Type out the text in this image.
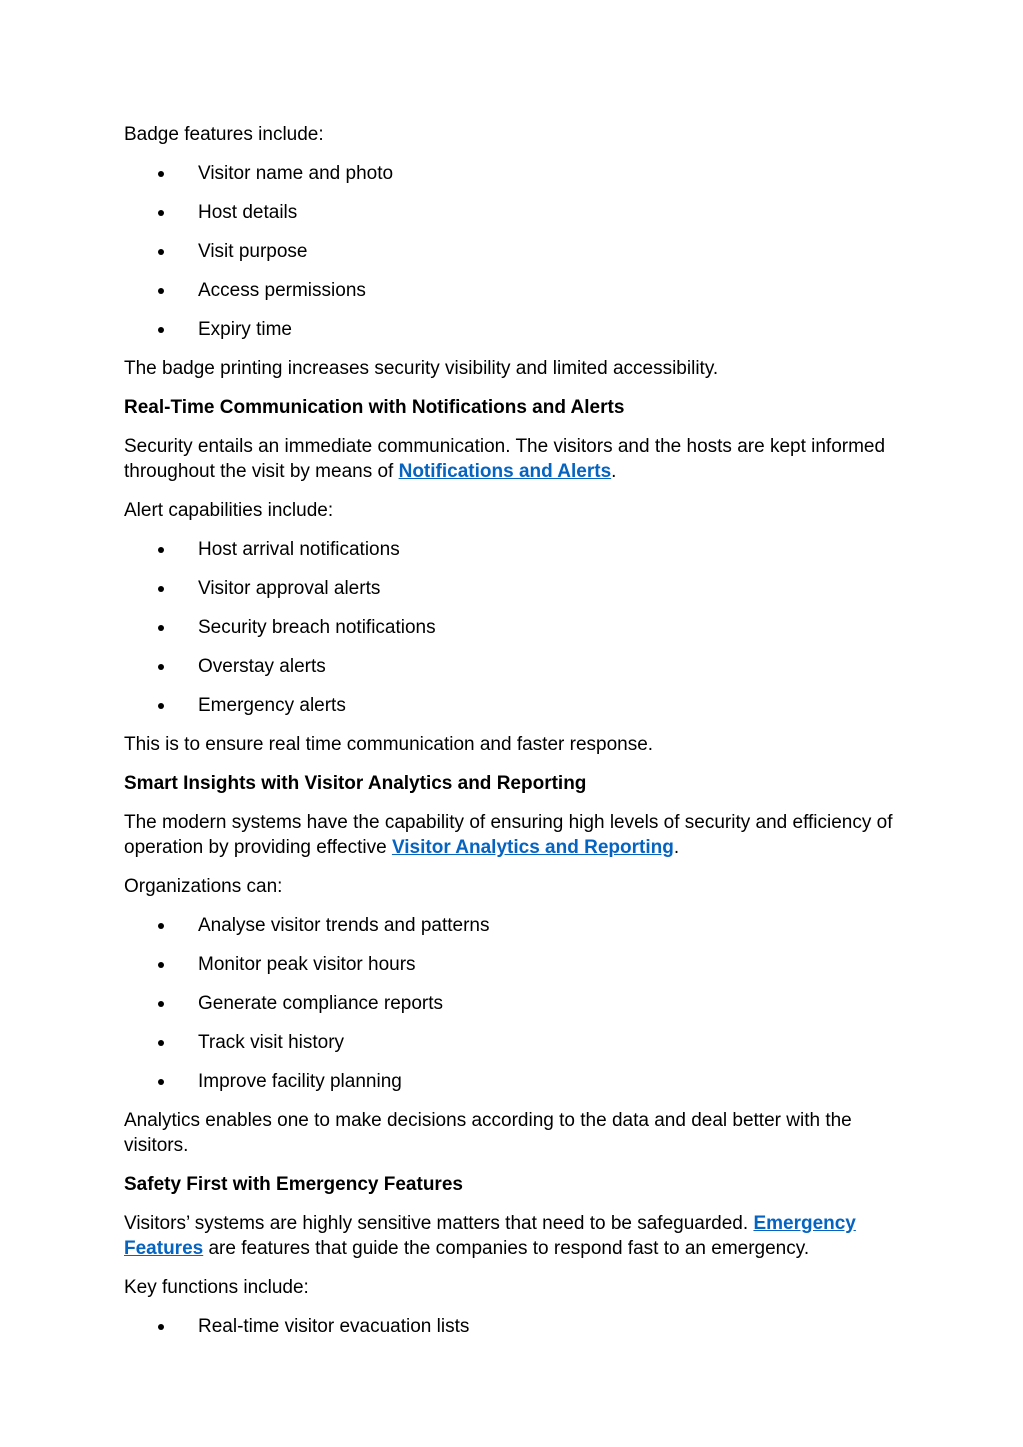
Badge features include:

Visitor name and photo
Host details
Visit purpose
Access permissions
Expiry time

The badge printing increases security visibility and limited accessibility.

Real-Time Communication with Notifications and Alerts

Security entails an immediate communication. The visitors and the hosts are kept informed throughout the visit by means of Notifications and Alerts.

Alert capabilities include:

Host arrival notifications
Visitor approval alerts
Security breach notifications
Overstay alerts
Emergency alerts

This is to ensure real time communication and faster response.

Smart Insights with Visitor Analytics and Reporting

The modern systems have the capability of ensuring high levels of security and efficiency of operation by providing effective Visitor Analytics and Reporting.

Organizations can:

Analyse visitor trends and patterns
Monitor peak visitor hours
Generate compliance reports
Track visit history
Improve facility planning

Analytics enables one to make decisions according to the data and deal better with the visitors.

Safety First with Emergency Features

Visitors’ systems are highly sensitive matters that need to be safeguarded. Emergency Features are features that guide the companies to respond fast to an emergency.

Key functions include:

Real-time visitor evacuation lists
